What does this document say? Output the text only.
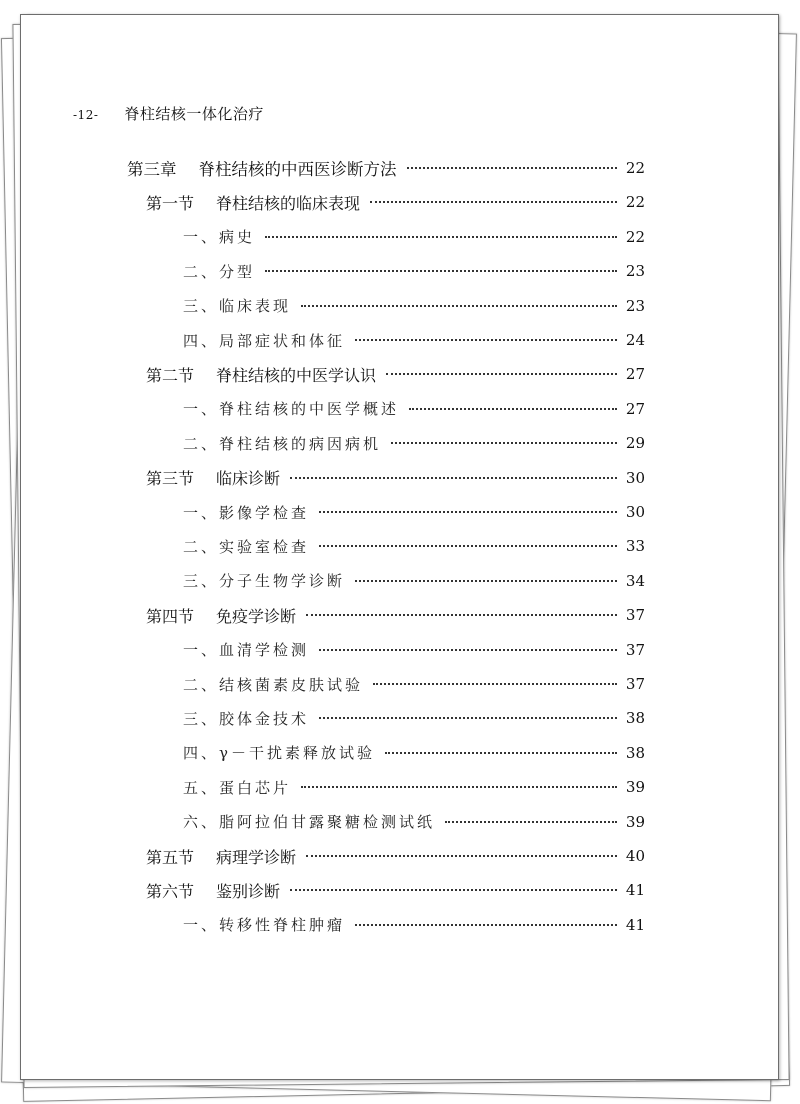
-12- 脊柱结核一体化治疗
第三章 脊柱结核的中西医诊断方法	22
第一节 脊柱结核的临床表现	22
一、病史	22
二、分型	23
三、临床表现	23
四、局部症状和体征	24
第二节 脊柱结核的中医学认识	27
一、脊柱结核的中医学概述	27
二、脊柱结核的病因病机	29
第三节 临床诊断	30
一、影像学检查	30
二、实验室检查	33
三、分子生物学诊断	34
第四节 免疫学诊断	37
一、血清学检测	37
二、结核菌素皮肤试验	37
三、胶体金技术	38
四、γ－干扰素释放试验	38
五、蛋白芯片	39
六、脂阿拉伯甘露聚糖检测试纸	39
第五节 病理学诊断	40
第六节 鉴别诊断	41
一、转移性脊柱肿瘤	41
